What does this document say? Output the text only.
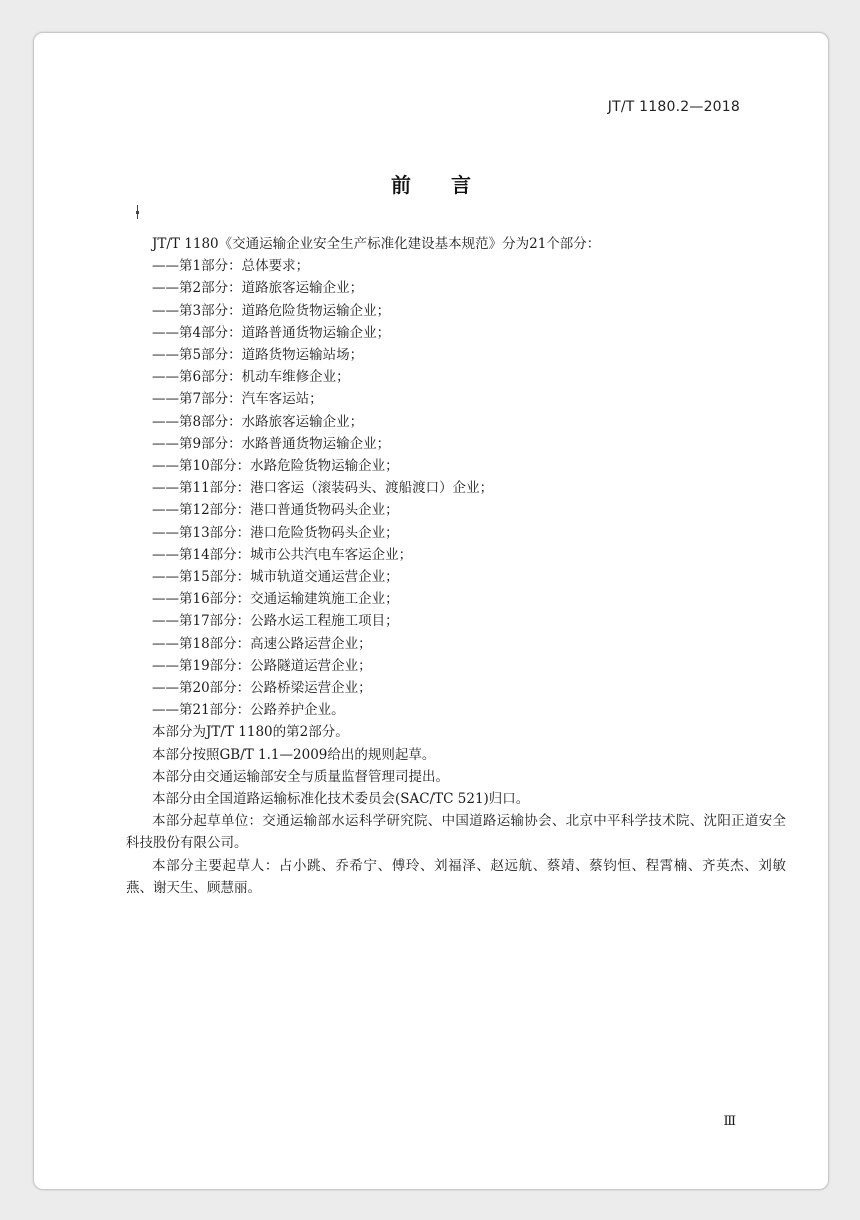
JT/T 1180.2—2018
前言
JT/T 1180《交通运输企业安全生产标准化建设基本规范》分为21个部分：
——第1部分：总体要求；
——第2部分：道路旅客运输企业；
——第3部分：道路危险货物运输企业；
——第4部分：道路普通货物运输企业；
——第5部分：道路货物运输站场；
——第6部分：机动车维修企业；
——第7部分：汽车客运站；
——第8部分：水路旅客运输企业；
——第9部分：水路普通货物运输企业；
——第10部分：水路危险货物运输企业；
——第11部分：港口客运（滚装码头、渡船渡口）企业；
——第12部分：港口普通货物码头企业；
——第13部分：港口危险货物码头企业；
——第14部分：城市公共汽电车客运企业；
——第15部分：城市轨道交通运营企业；
——第16部分：交通运输建筑施工企业；
——第17部分：公路水运工程施工项目；
——第18部分：高速公路运营企业；
——第19部分：公路隧道运营企业；
——第20部分：公路桥梁运营企业；
——第21部分：公路养护企业。
本部分为JT/T 1180的第2部分。
本部分按照GB/T 1.1—2009给出的规则起草。
本部分由交通运输部安全与质量监督管理司提出。
本部分由全国道路运输标准化技术委员会(SAC/TC 521)归口。
本部分起草单位：交通运输部水运科学研究院、中国道路运输协会、北京中平科学技术院、沈阳正道安全科技股份有限公司。
本部分主要起草人：占小跳、乔希宁、傅玲、刘福泽、赵远航、蔡靖、蔡钧恒、程霄楠、齐英杰、刘敏燕、谢天生、顾慧丽。
Ⅲ
